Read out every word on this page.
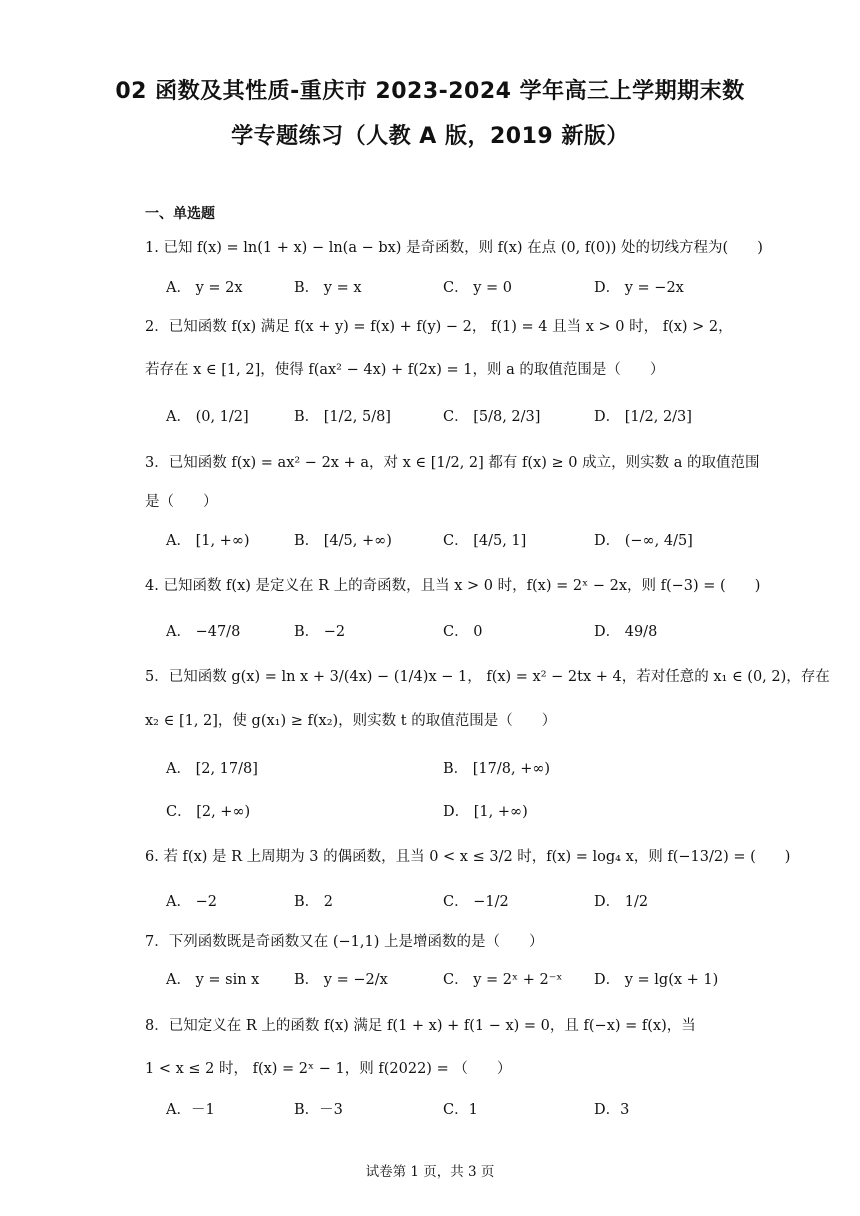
02 函数及其性质-重庆市 2023-2024 学年高三上学期期末数
学专题练习（人教 A 版，2019 新版）
一、单选题
1. 已知 f(x) = ln(1 + x) − ln(a − bx) 是奇函数，则 f(x) 在点 (0, f(0)) 处的切线方程为(　　)
A． y = 2x	B． y = x	C． y = 0	D． y = −2x
2．已知函数 f(x) 满足 f(x + y) = f(x) + f(y) − 2， f(1) = 4 且当 x > 0 时， f(x) > 2，
若存在 x ∈ [1, 2]，使得 f(ax² − 4x) + f(2x) = 1，则 a 的取值范围是（　　）
A． (0, 1/2]	B． [1/2, 5/8]	C． [5/8, 2/3]	D． [1/2, 2/3]
3．已知函数 f(x) = ax² − 2x + a，对 x ∈ [1/2, 2] 都有 f(x) ≥ 0 成立，则实数 a 的取值范围
是（　　）
A． [1, +∞)	B． [4/5, +∞)	C． [4/5, 1]	D． (−∞, 4/5]
4. 已知函数 f(x) 是定义在 R 上的奇函数，且当 x > 0 时，f(x) = 2ˣ − 2x，则 f(−3) = (　　)
A． −47/8	B． −2	C． 0	D． 49/8
5．已知函数 g(x) = ln x + 3/(4x) − (1/4)x − 1， f(x) = x² − 2tx + 4，若对任意的 x₁ ∈ (0, 2)，存在
x₂ ∈ [1, 2]，使 g(x₁) ≥ f(x₂)，则实数 t 的取值范围是（　　）
A． [2, 17/8]	B． [17/8, +∞)
C． [2, +∞)	D． [1, +∞)
6. 若 f(x) 是 R 上周期为 3 的偶函数，且当 0 < x ≤ 3/2 时，f(x) = log₄ x，则 f(−13/2) = (　　)
A． −2	B． 2	C． −1/2	D． 1/2
7．下列函数既是奇函数又在 (−1,1) 上是增函数的是（　　）
A． y = sin x B． y = −2/x	C． y = 2ˣ + 2⁻ˣ D． y = lg(x + 1)
8．已知定义在 R 上的函数 f(x) 满足 f(1 + x) + f(1 − x) = 0，且 f(−x) = f(x)，当
1 < x ≤ 2 时， f(x) = 2ˣ − 1，则 f(2022) = （　　）
A．－1	B．－3	C．1	D．3
试卷第 1 页，共 3 页
